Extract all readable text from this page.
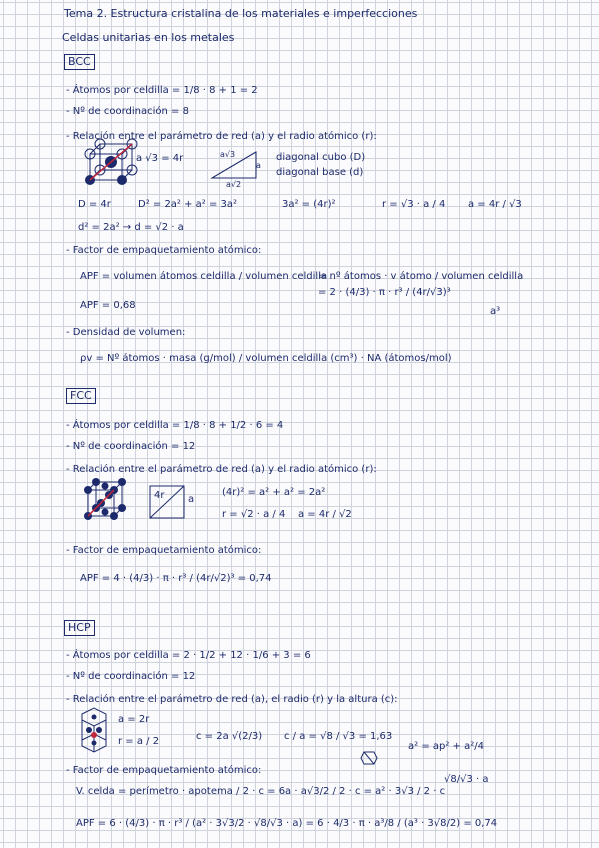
Tema 2. Estructura cristalina de los materiales e imperfecciones
Celdas unitarias en los metales
BCC
- Átomos por celdilla = 1/8 · 8 + 1 = 2
- Nº de coordinación = 8
- Relación entre el parámetro de red (a) y el radio atómico (r):
a √3 = 4r	a√3
a
a√2
diagonal cubo (D)
diagonal base (d)
D = 4r	D² = 2a² + a² = 3a²	3a² = (4r)²	r = √3 · a / 4 a = 4r / √3
d² = 2a² → d = √2 · a
- Factor de empaquetamiento atómico:
APF = volumen átomos celdilla / volumen celdilla
= nº átomos · v átomo / volumen celdilla
= 2 · (4/3) · π · r³ / (4r/√3)³
a³
APF = 0,68
- Densidad de volumen:
ρv = Nº átomos · masa (g/mol) / volumen celdilla (cm³) · NA (átomos/mol)
FCC
- Átomos por celdilla = 1/8 · 8 + 1/2 · 6 = 4
- Nº de coordinación = 12
- Relación entre el parámetro de red (a) y el radio atómico (r):
4r a
(4r)² = a² + a² = 2a²
r = √2 · a / 4 a = 4r / √2
- Factor de empaquetamiento atómico:
APF = 4 · (4/3) · π · r³ / (4r/√2)³ = 0,74
HCP
- Átomos por celdilla = 2 · 1/2 + 12 · 1/6 + 3 = 6
- Nº de coordinación = 12
- Relación entre el parámetro de red (a), el radio (r) y la altura (c):
a = 2r
r = a / 2	c = 2a √(2/3) c / a = √8 / √3 = 1,63
a² = ap² + a²/4
- Factor de empaquetamiento atómico:
V. celda = perímetro · apotema / 2 · c = 6a · a√3/2 / 2 · c = a² · 3√3 / 2 · c
√8/√3 · a
APF = 6 · (4/3) · π · r³ / (a² · 3√3/2 · √8/√3 · a) = 6 · 4/3 · π · a³/8 / (a³ · 3√8/2) = 0,74
